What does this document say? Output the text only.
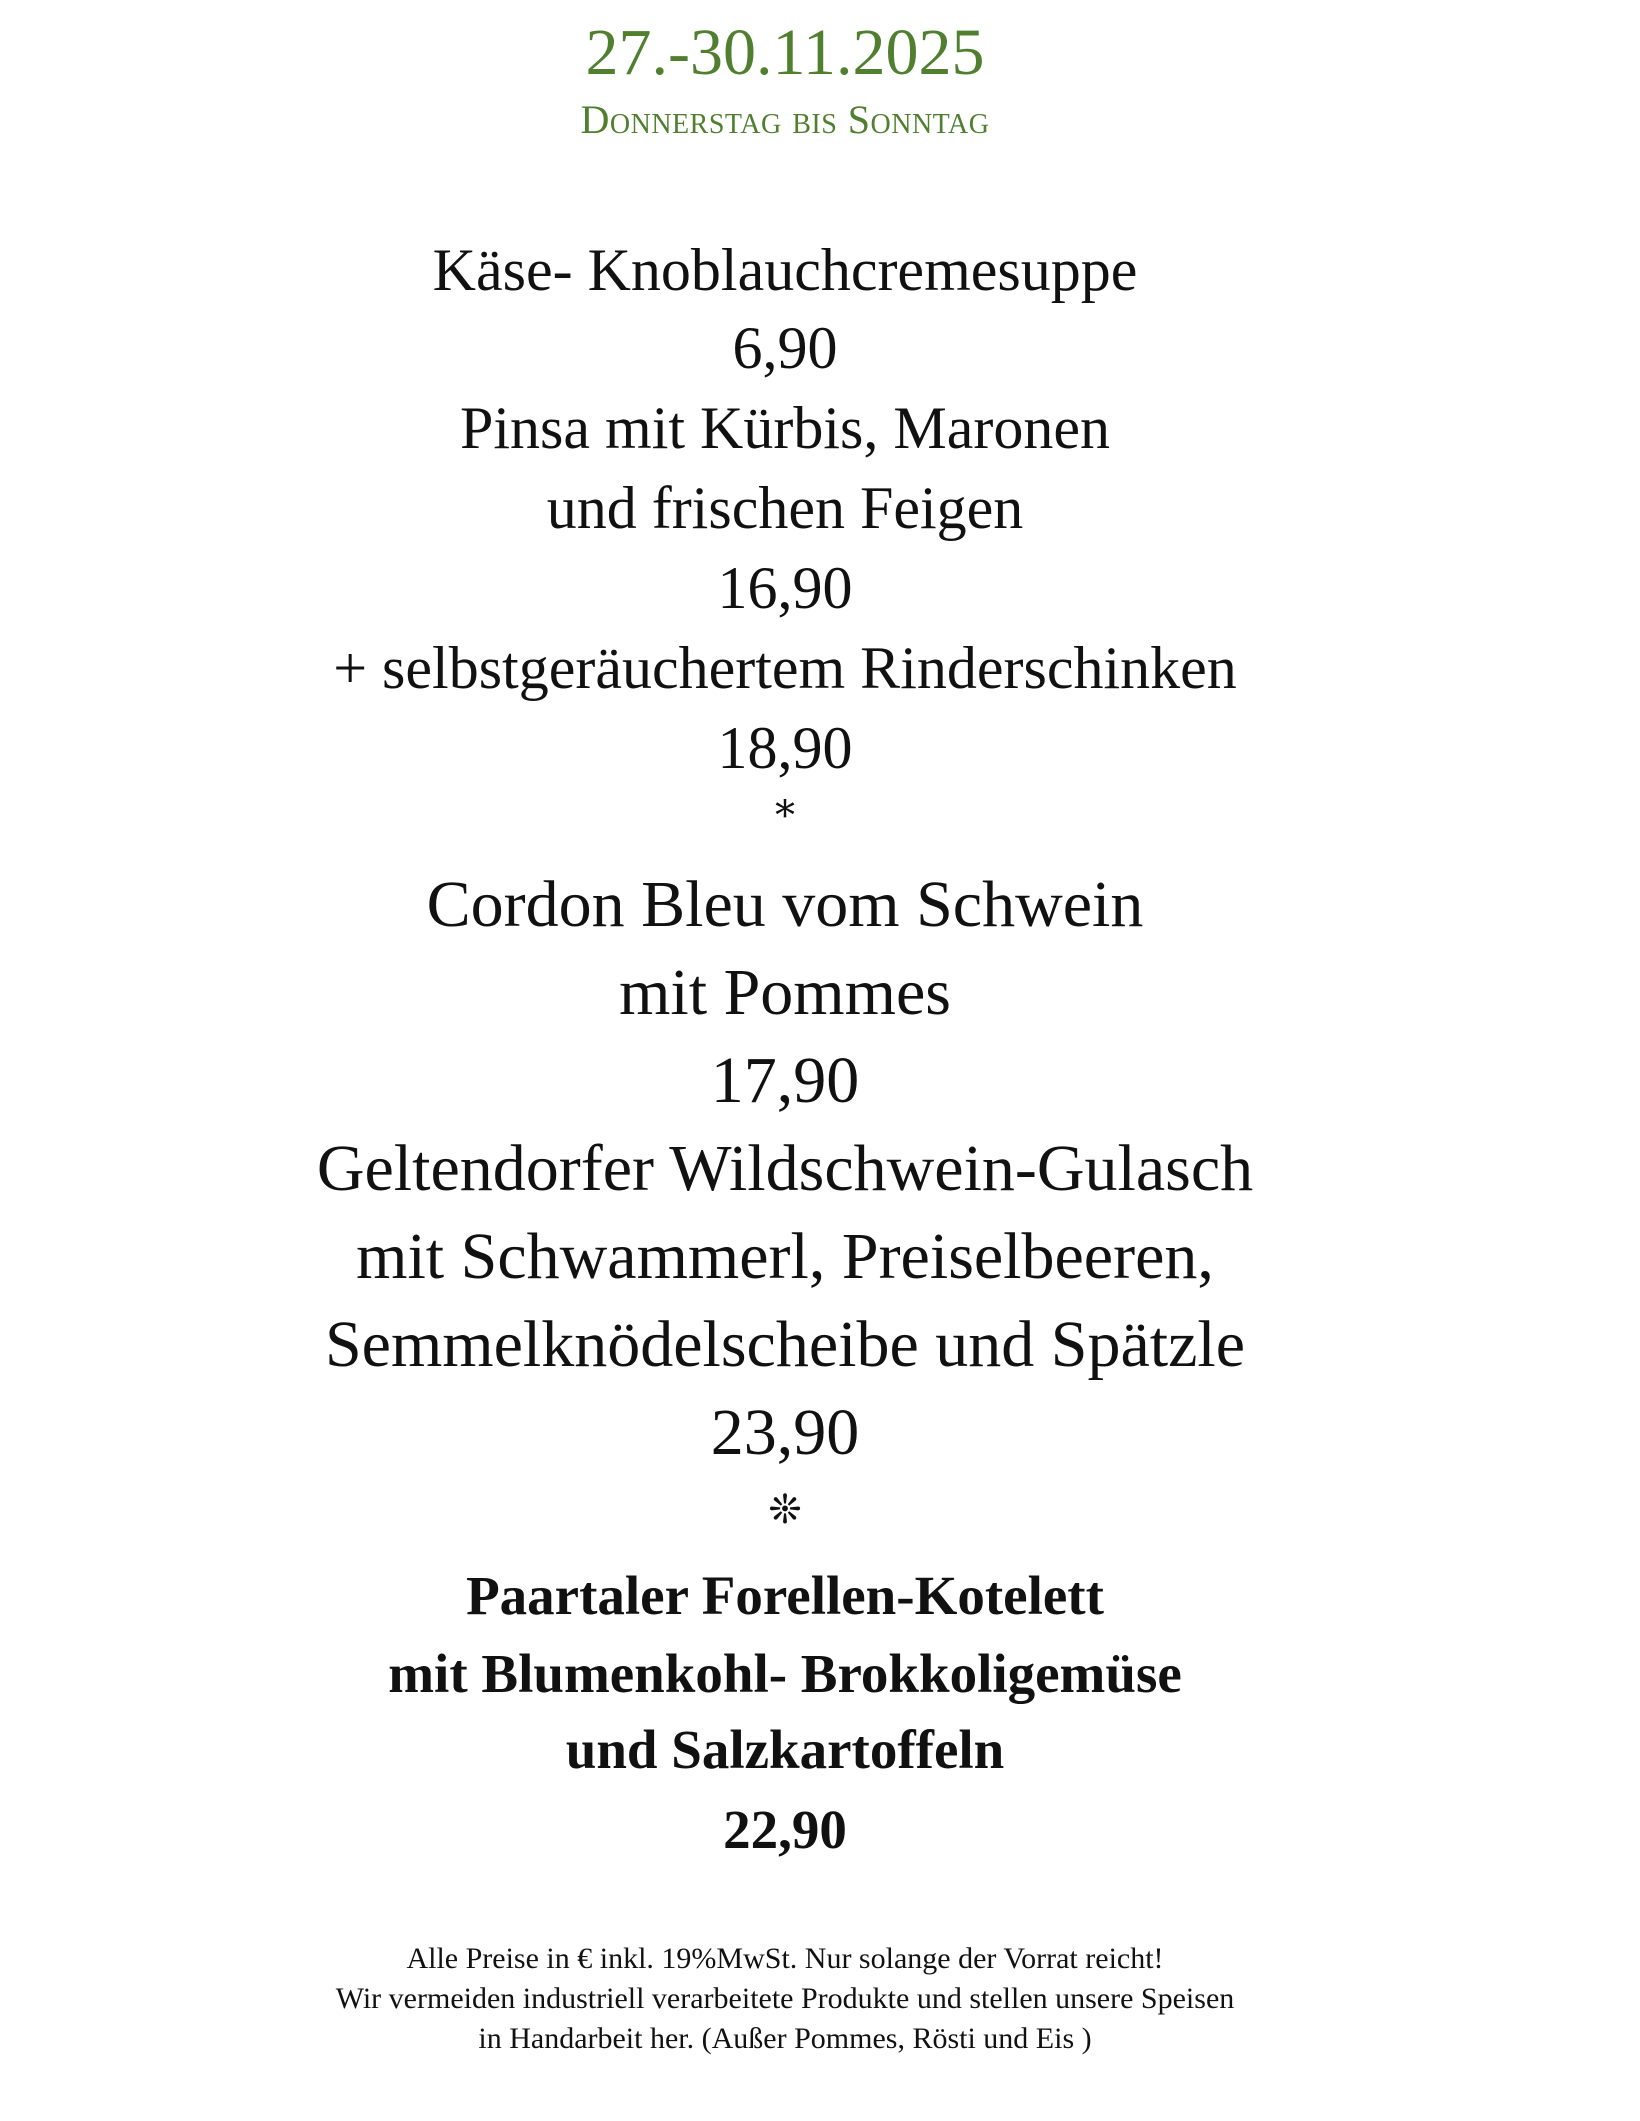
27.-30.11.2025
Donnerstag bis Sonntag
Käse- Knoblauchcremesuppe
6,90
Pinsa mit Kürbis, Maronen
und frischen Feigen
16,90
+ selbstgeräuchertem Rinderschinken
18,90
*
Cordon Bleu vom Schwein
mit Pommes
17,90
Geltendorfer Wildschwein-Gulasch
mit Schwammerl, Preiselbeeren,
Semmelknödelscheibe und Spätzle
23,90
❊
Paartaler Forellen-Kotelett
mit Blumenkohl- Brokkoligemüse
und Salzkartoffeln
22,90
Alle Preise in € inkl. 19%MwSt. Nur solange der Vorrat reicht!
Wir vermeiden industriell verarbeitete Produkte und stellen unsere Speisen
in Handarbeit her. (Außer Pommes, Rösti und Eis )
